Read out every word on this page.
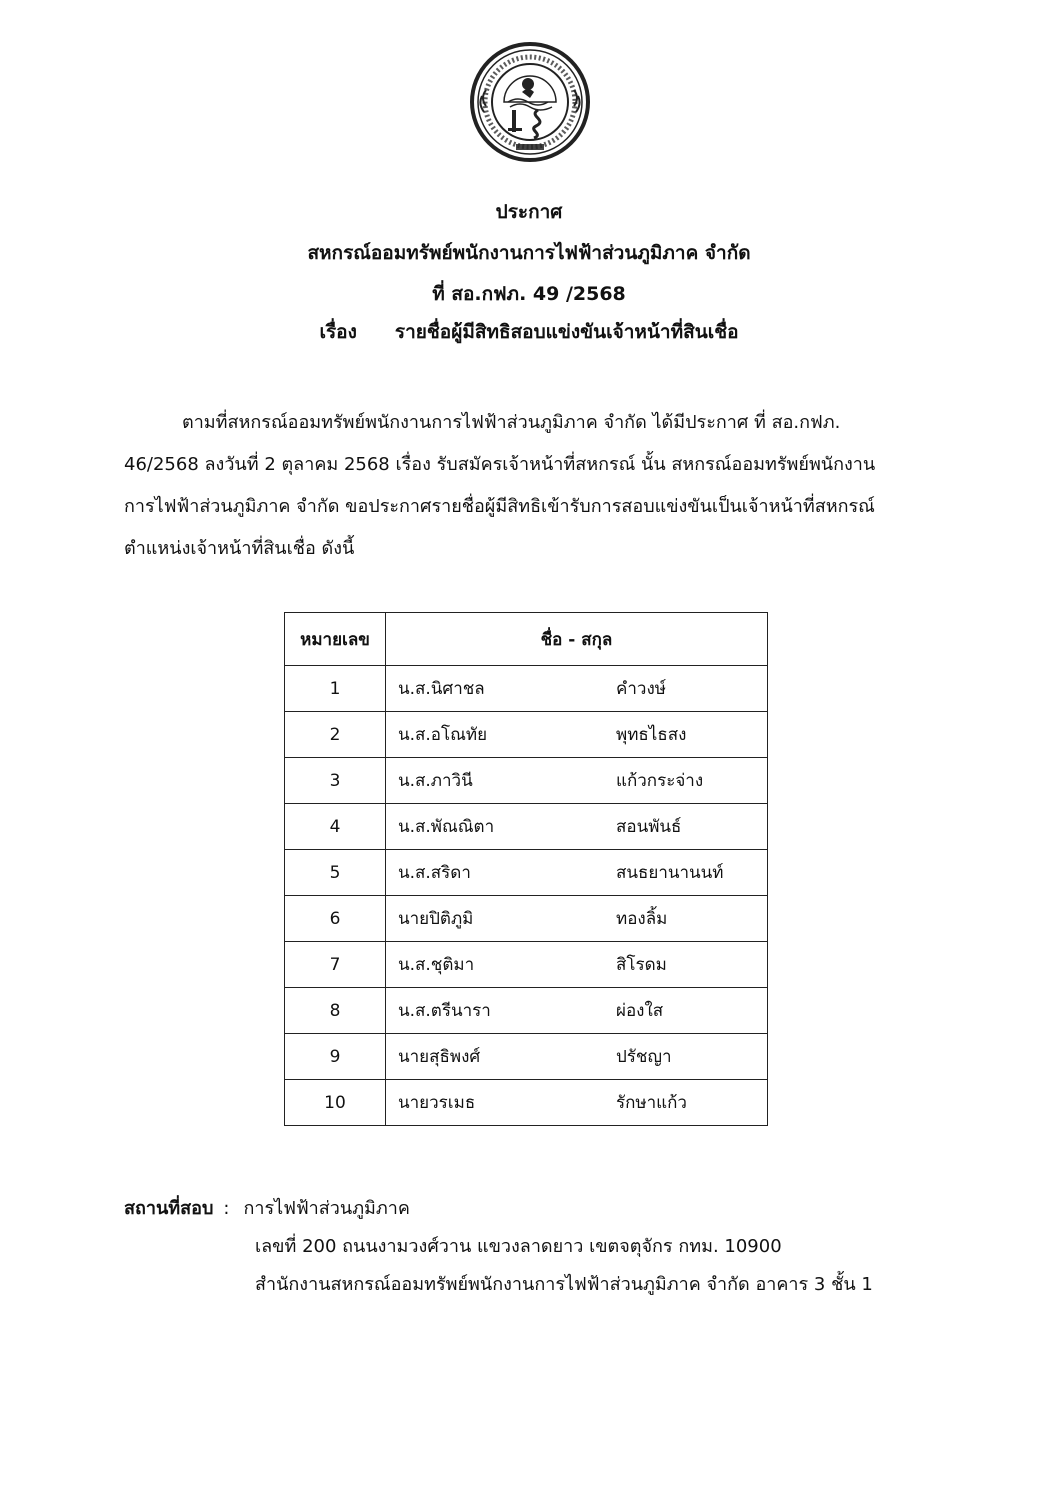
ประกาศ
สหกรณ์ออมทรัพย์พนักงานการไฟฟ้าส่วนภูมิภาค จำกัด
ที่ สอ.กฟภ. 49 /2568
เรื่อง รายชื่อผู้มีสิทธิสอบแข่งขันเจ้าหน้าที่สินเชื่อ
ตามที่สหกรณ์ออมทรัพย์พนักงานการไฟฟ้าส่วนภูมิภาค จำกัด ได้มีประกาศ ที่ สอ.กฟภ.
46/2568 ลงวันที่ 2 ตุลาคม 2568 เรื่อง รับสมัครเจ้าหน้าที่สหกรณ์ นั้น สหกรณ์ออมทรัพย์พนักงาน
การไฟฟ้าส่วนภูมิภาค จำกัด ขอประกาศรายชื่อผู้มีสิทธิเข้ารับการสอบแข่งขันเป็นเจ้าหน้าที่สหกรณ์
ตำแหน่งเจ้าหน้าที่สินเชื่อ ดังนี้
หมายเลข	ชื่อ - สกุล	
1	น.ส.นิศาชล	คำวงษ์
2	น.ส.อโณทัย	พุทธไธสง
3	น.ส.ภาวินี	แก้วกระจ่าง
4	น.ส.พัณณิตา	สอนพันธ์
5	น.ส.สริดา	สนธยานานนท์
6	นายปิติภูมิ	ทองลิ้ม
7	น.ส.ชุติมา	สิโรดม
8	น.ส.ตรีนารา	ผ่องใส
9	นายสุธิพงศ์	ปรัชญา
10	นายวรเมธ	รักษาแก้ว
สถานที่สอบ : การไฟฟ้าส่วนภูมิภาค
เลขที่ 200 ถนนงามวงศ์วาน แขวงลาดยาว เขตจตุจักร กทม. 10900
สำนักงานสหกรณ์ออมทรัพย์พนักงานการไฟฟ้าส่วนภูมิภาค จำกัด อาคาร 3 ชั้น 1
